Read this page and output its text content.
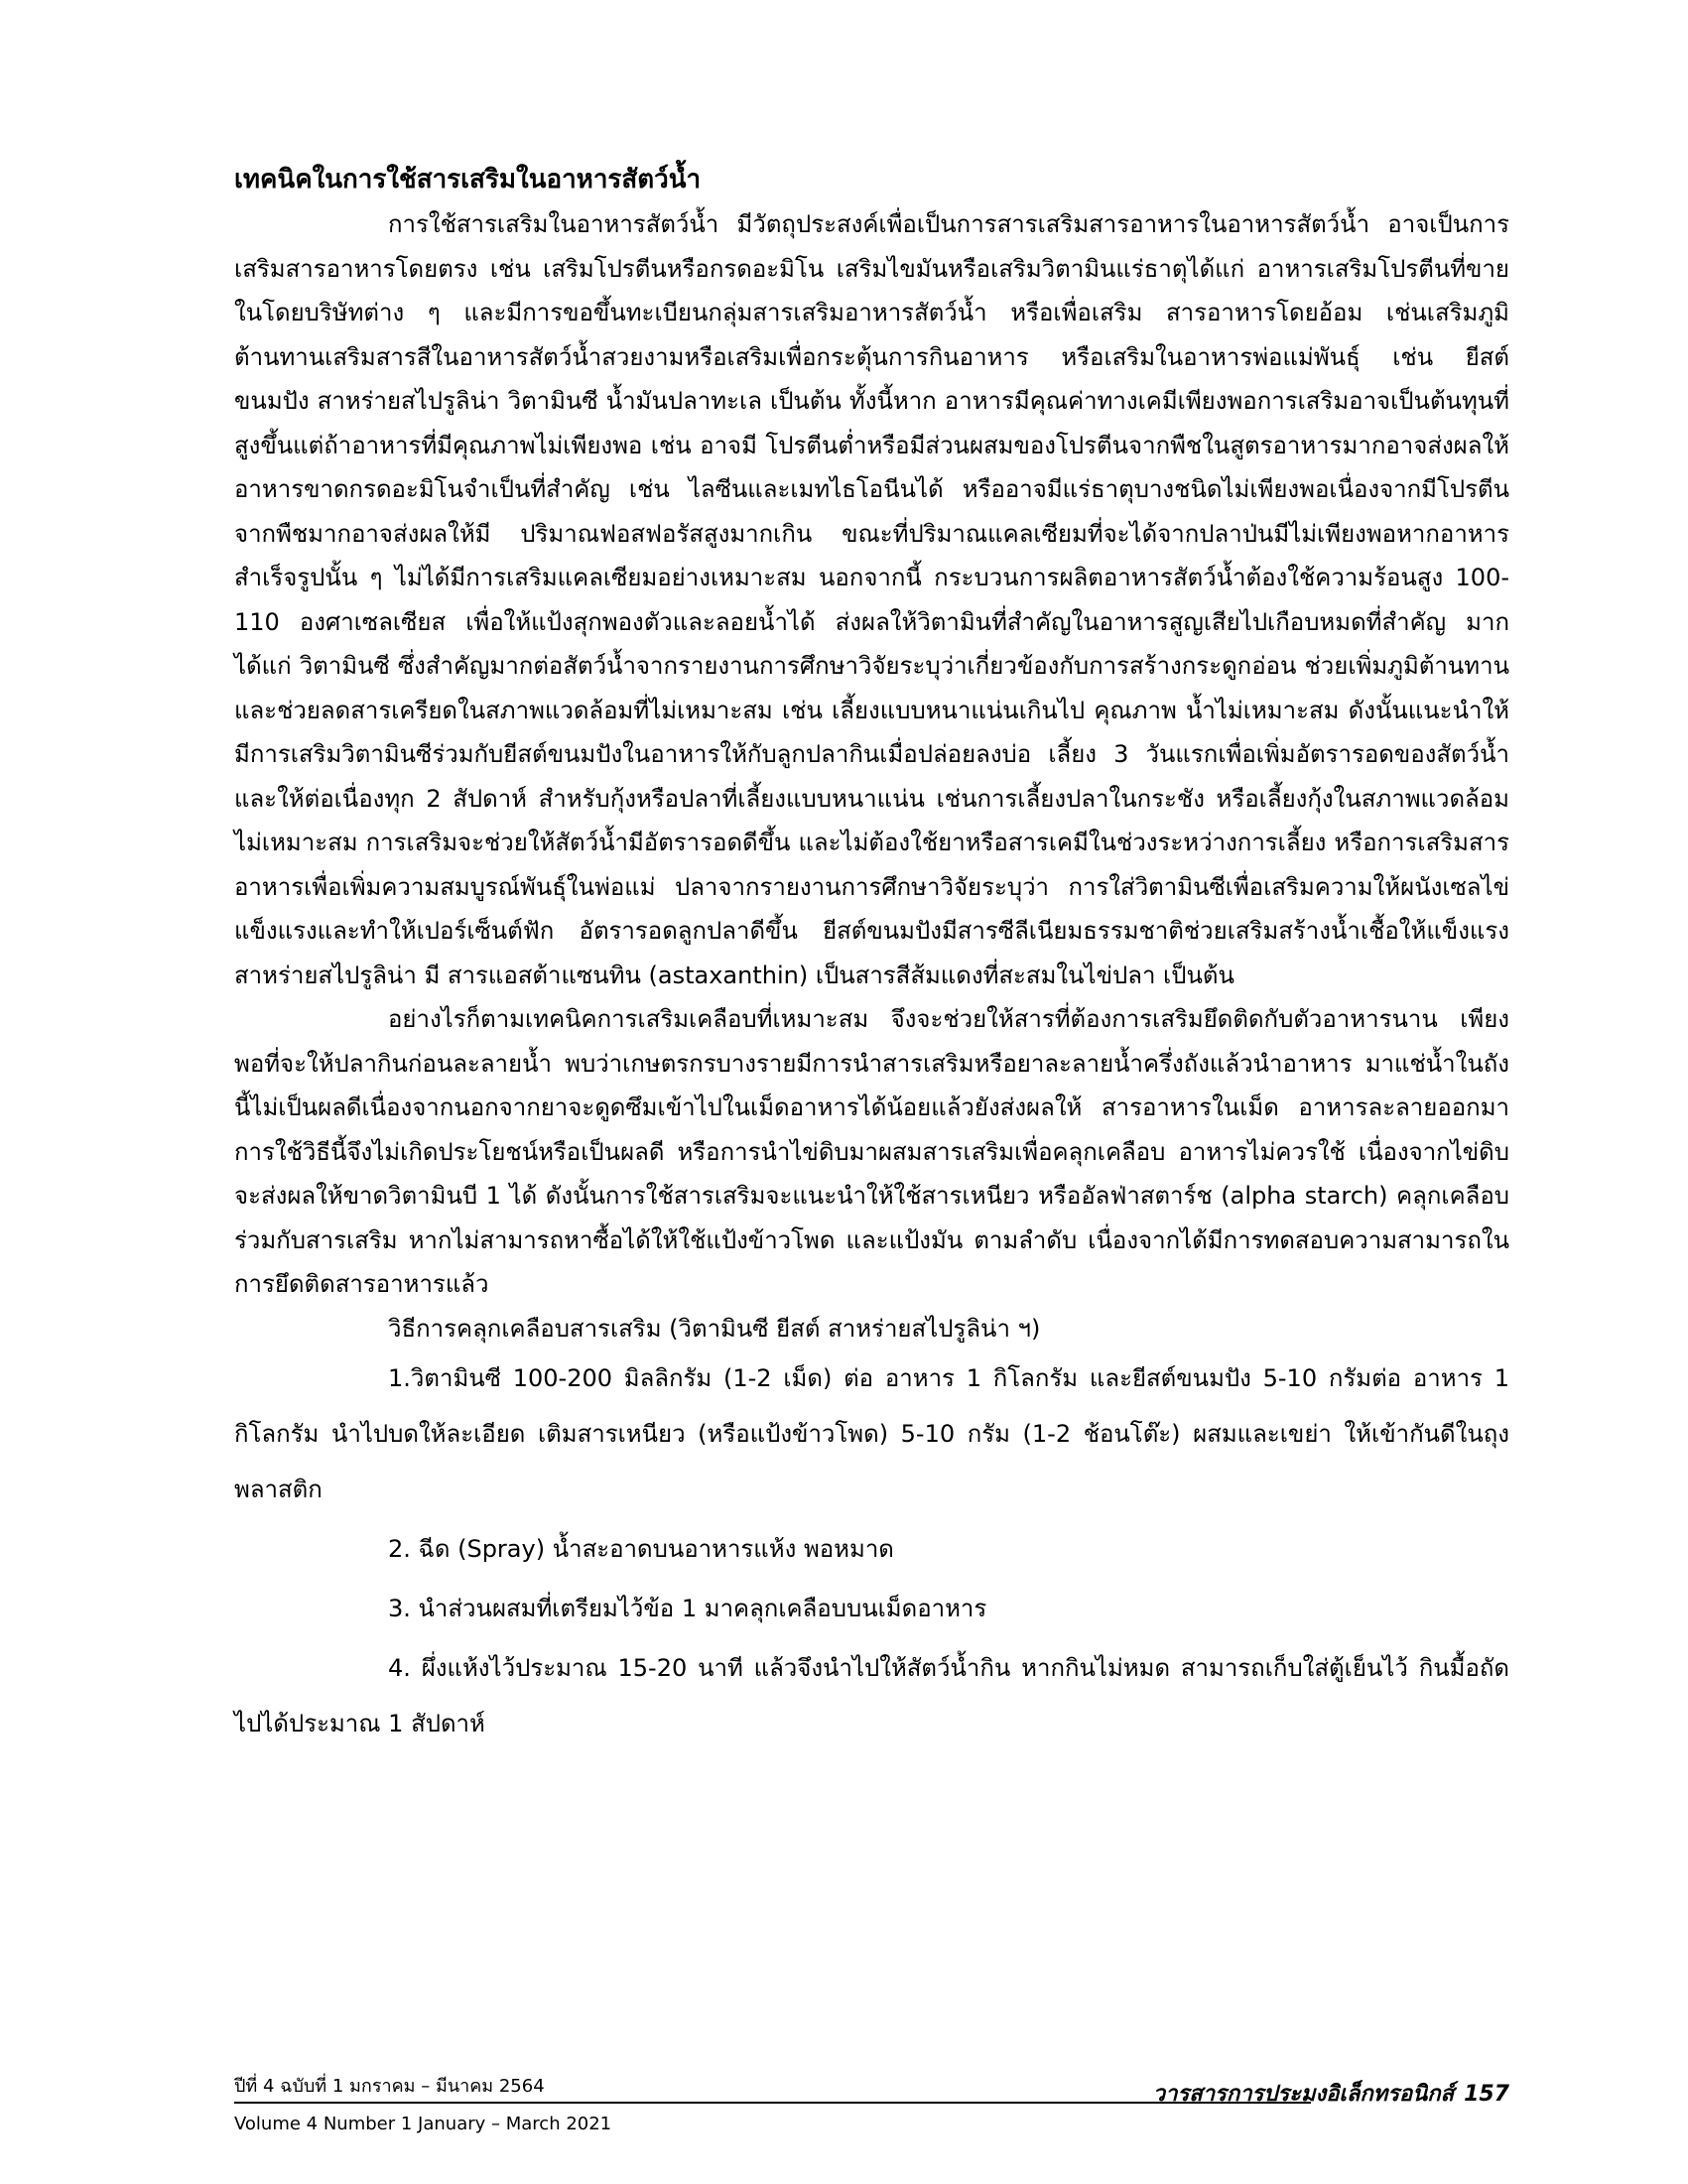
เทคนิคในการใช้สารเสริมในอาหารสัตว์น้ำ

การใช้สารเสริมในอาหารสัตว์น้ำ มีวัตถุประสงค์เพื่อเป็นการสารเสริมสารอาหารในอาหารสัตว์น้ำ อาจเป็นการเสริมสารอาหารโดยตรง เช่น เสริมโปรตีนหรือกรดอะมิโน เสริมไขมันหรือเสริมวิตามินแร่ธาตุได้แก่ อาหารเสริมโปรตีนที่ขายในโดยบริษัทต่าง ๆ และมีการขอขึ้นทะเบียนกลุ่มสารเสริมอาหารสัตว์น้ำ หรือเพื่อเสริม สารอาหารโดยอ้อม เช่นเสริมภูมิต้านทานเสริมสารสีในอาหารสัตว์น้ำสวยงามหรือเสริมเพื่อกระตุ้นการกินอาหาร หรือเสริมในอาหารพ่อแม่พันธุ์ เช่น ยีสต์ขนมปัง สาหร่ายสไปรูลิน่า วิตามินซี น้ำมันปลาทะเล เป็นต้น ทั้งนี้หาก อาหารมีคุณค่าทางเคมีเพียงพอการเสริมอาจเป็นต้นทุนที่สูงขึ้นแต่ถ้าอาหารที่มีคุณภาพไม่เพียงพอ เช่น อาจมี โปรตีนต่ำหรือมีส่วนผสมของโปรตีนจากพืชในสูตรอาหารมากอาจส่งผลให้อาหารขาดกรดอะมิโนจำเป็นที่สำคัญ เช่น ไลซีนและเมทไธโอนีนได้ หรืออาจมีแร่ธาตุบางชนิดไม่เพียงพอเนื่องจากมีโปรตีนจากพืชมากอาจส่งผลให้มี ปริมาณฟอสฟอรัสสูงมากเกิน ขณะที่ปริมาณแคลเซียมที่จะได้จากปลาป่นมีไม่เพียงพอหากอาหารสำเร็จรูปนั้น ๆ ไม่ได้มีการเสริมแคลเซียมอย่างเหมาะสม นอกจากนี้ กระบวนการผลิตอาหารสัตว์น้ำต้องใช้ความร้อนสูง 100-110 องศาเซลเซียส เพื่อให้แป้งสุกพองตัวและลอยน้ำได้ ส่งผลให้วิตามินที่สำคัญในอาหารสูญเสียไปเกือบหมดที่สำคัญ มากได้แก่ วิตามินซี ซึ่งสำคัญมากต่อสัตว์น้ำจากรายงานการศึกษาวิจัยระบุว่าเกี่ยวข้องกับการสร้างกระดูกอ่อน ช่วยเพิ่มภูมิต้านทานและช่วยลดสารเครียดในสภาพแวดล้อมที่ไม่เหมาะสม เช่น เลี้ยงแบบหนาแน่นเกินไป คุณภาพ น้ำไม่เหมาะสม ดังนั้นแนะนำให้มีการเสริมวิตามินซีร่วมกับยีสต์ขนมปังในอาหารให้กับลูกปลากินเมื่อปล่อยลงบ่อ เลี้ยง 3 วันแรกเพื่อเพิ่มอัตรารอดของสัตว์น้ำ และให้ต่อเนื่องทุก 2 สัปดาห์ สำหรับกุ้งหรือปลาที่เลี้ยงแบบหนาแน่น เช่นการเลี้ยงปลาในกระชัง หรือเลี้ยงกุ้งในสภาพแวดล้อมไม่เหมาะสม การเสริมจะช่วยให้สัตว์น้ำมีอัตรารอดดีขึ้น และไม่ต้องใช้ยาหรือสารเคมีในช่วงระหว่างการเลี้ยง หรือการเสริมสารอาหารเพื่อเพิ่มความสมบูรณ์พันธุ์ในพ่อแม่ ปลาจากรายงานการศึกษาวิจัยระบุว่า การใส่วิตามินซีเพื่อเสริมความให้ผนังเซลไข่แข็งแรงและทำให้เปอร์เซ็นต์ฟัก อัตรารอดลูกปลาดีขึ้น ยีสต์ขนมปังมีสารซีลีเนียมธรรมชาติช่วยเสริมสร้างน้ำเชื้อให้แข็งแรง สาหร่ายสไปรูลิน่า มี สารแอสต้าแซนทิน (astaxanthin) เป็นสารสีส้มแดงที่สะสมในไข่ปลา เป็นต้น

อย่างไรก็ตามเทคนิคการเสริมเคลือบที่เหมาะสม จึงจะช่วยให้สารที่ต้องการเสริมยึดติดกับตัวอาหารนาน เพียงพอที่จะให้ปลากินก่อนละลายน้ำ พบว่าเกษตรกรบางรายมีการนำสารเสริมหรือยาละลายน้ำครึ่งถังแล้วนำอาหาร มาแช่น้ำในถังนี้ไม่เป็นผลดีเนื่องจากนอกจากยาจะดูดซึมเข้าไปในเม็ดอาหารได้น้อยแล้วยังส่งผลให้ สารอาหารในเม็ด อาหารละลายออกมาการใช้วิธีนี้จึงไม่เกิดประโยชน์หรือเป็นผลดี หรือการนำไข่ดิบมาผสมสารเสริมเพื่อคลุกเคลือบ อาหารไม่ควรใช้ เนื่องจากไข่ดิบจะส่งผลให้ขาดวิตามินบี 1 ได้ ดังนั้นการใช้สารเสริมจะแนะนำให้ใช้สารเหนียว หรืออัลฟ่าสตาร์ช (alpha starch) คลุกเคลือบร่วมกับสารเสริม หากไม่สามารถหาซื้อได้ให้ใช้แป้งข้าวโพด และแป้งมัน ตามลำดับ เนื่องจากได้มีการทดสอบความสามารถในการยึดติดสารอาหารแล้ว

วิธีการคลุกเคลือบสารเสริม (วิตามินซี ยีสต์ สาหร่ายสไปรูลิน่า ฯ)

1.วิตามินซี 100-200 มิลลิกรัม (1-2 เม็ด) ต่อ อาหาร 1 กิโลกรัม และยีสต์ขนมปัง 5-10 กรัมต่อ อาหาร 1 กิโลกรัม นำไปบดให้ละเอียด เติมสารเหนียว (หรือแป้งข้าวโพด) 5-10 กรัม (1-2 ช้อนโต๊ะ) ผสมและเขย่า ให้เข้ากันดีในถุงพลาสติก

2. ฉีด (Spray) น้ำสะอาดบนอาหารแห้ง พอหมาด

3. นำส่วนผสมที่เตรียมไว้ข้อ 1 มาคลุกเคลือบบนเม็ดอาหาร

4. ผึ่งแห้งไว้ประมาณ 15-20 นาที แล้วจึงนำไปให้สัตว์น้ำกิน หากกินไม่หมด สามารถเก็บใส่ตู้เย็นไว้ กินมื้อถัดไปได้ประมาณ 1 สัปดาห์

ปีที่ 4 ฉบับที่ 1 มกราคม – มีนาคม 2564
Volume 4 Number 1 January – March 2021
วารสารการประมงอิเล็กทรอนิกส์ 157
